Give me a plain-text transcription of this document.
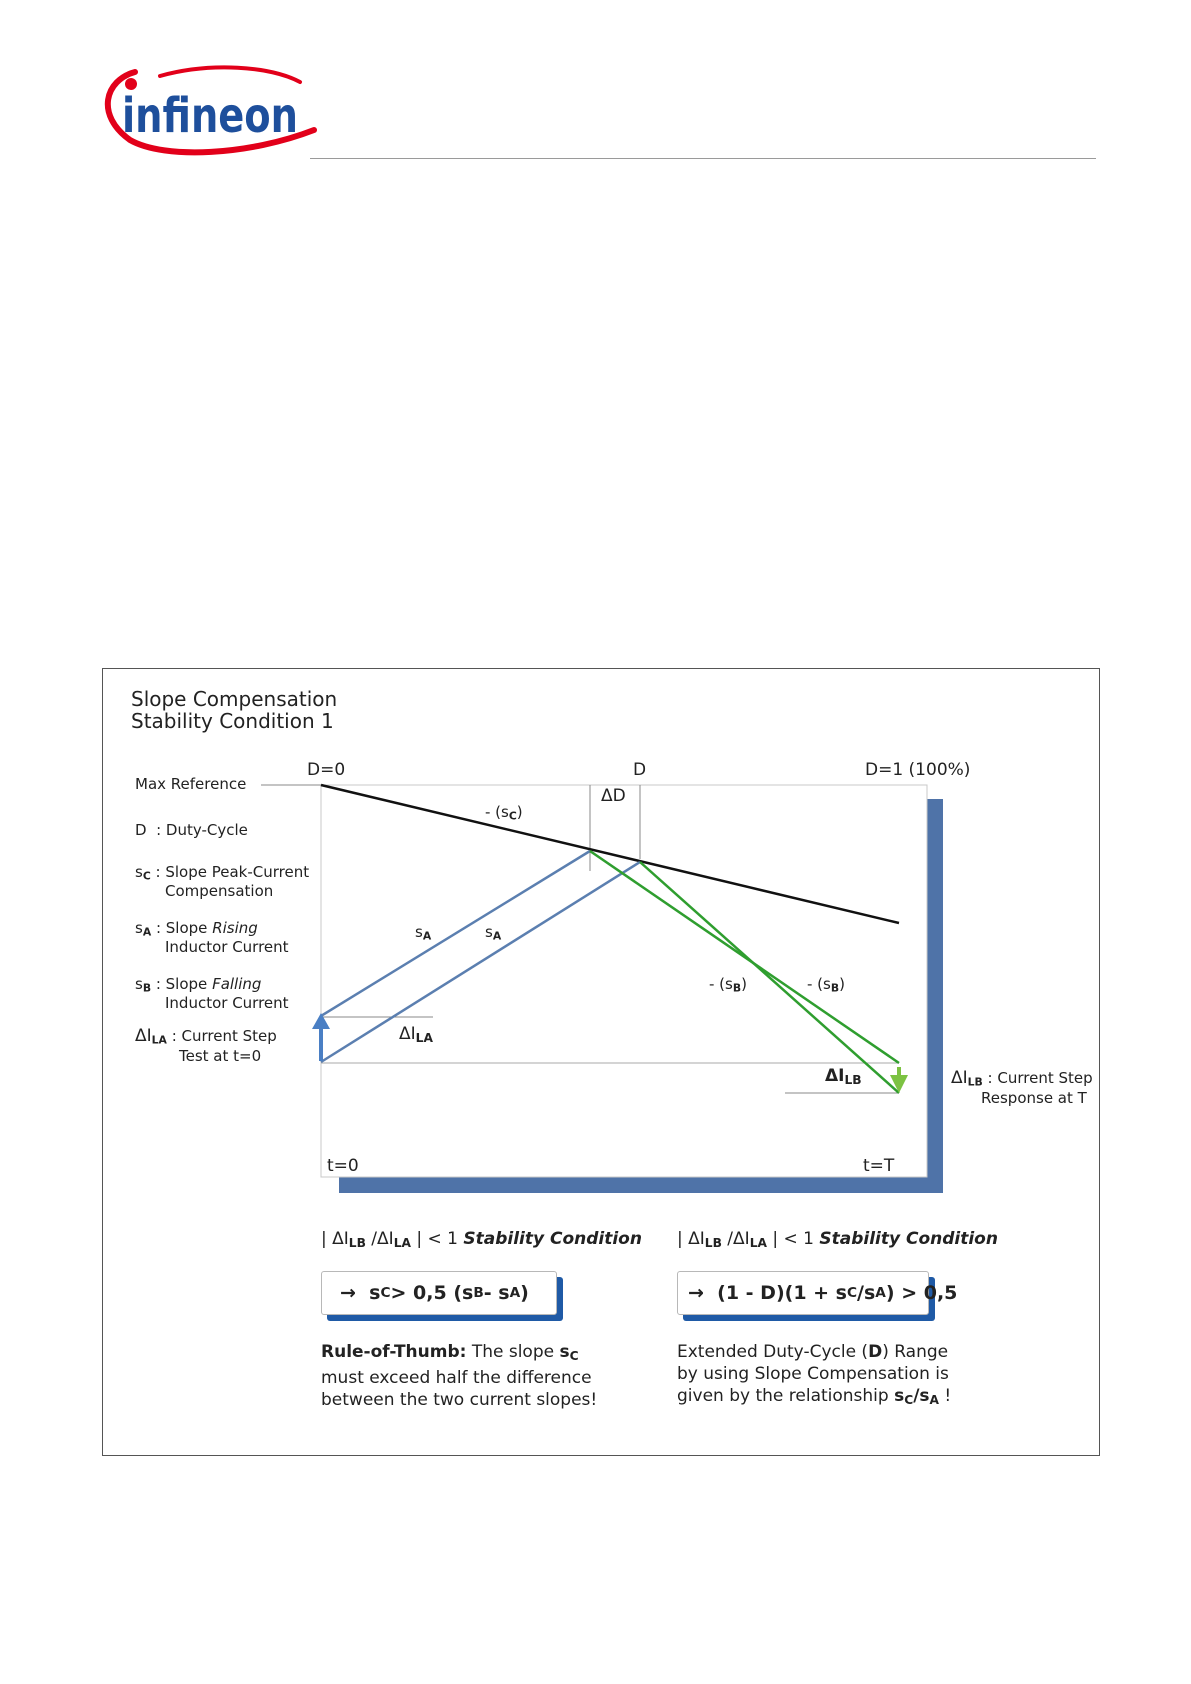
infineon
Slope Compensation
Stability Condition 1
Max Reference
D : Duty-Cycle
$s_C$ : Slope Peak-Current
Compensation
$s_A$ : Slope Rising
Inductor Current
$s_B$ : Slope Falling
Inductor Current
$\Delta I_{LA}$ : Current Step
Test at t=0
$\Delta I_{LB}$ : Current Step
Response at T
D=0	D	D=1 (100%)
ΔD
t=0	t=T
- $(s_C)$
$s_A$	$s_A$
- $(s_B)$	- $(s_B)$
$\Delta I_{LA}$
$\Delta I_{LB}$
| $\Delta I_{LB}$ $/\Delta I_{LA}$ | < 1 Stability Condition
→
s C > 0,5 (s B - s A )
Rule-of-Thumb: The slope $s_C$
must exceed half the difference
between the two current slopes!
| $\Delta I_{LB}$ $/\Delta I_{LA}$ | < 1 Stability Condition
→
(1 - D)(1 + s C /s A ) > 0,5
Extended Duty-Cycle (D) Range
by using Slope Compensation is
given by the relationship $s_C/s_A$ !
